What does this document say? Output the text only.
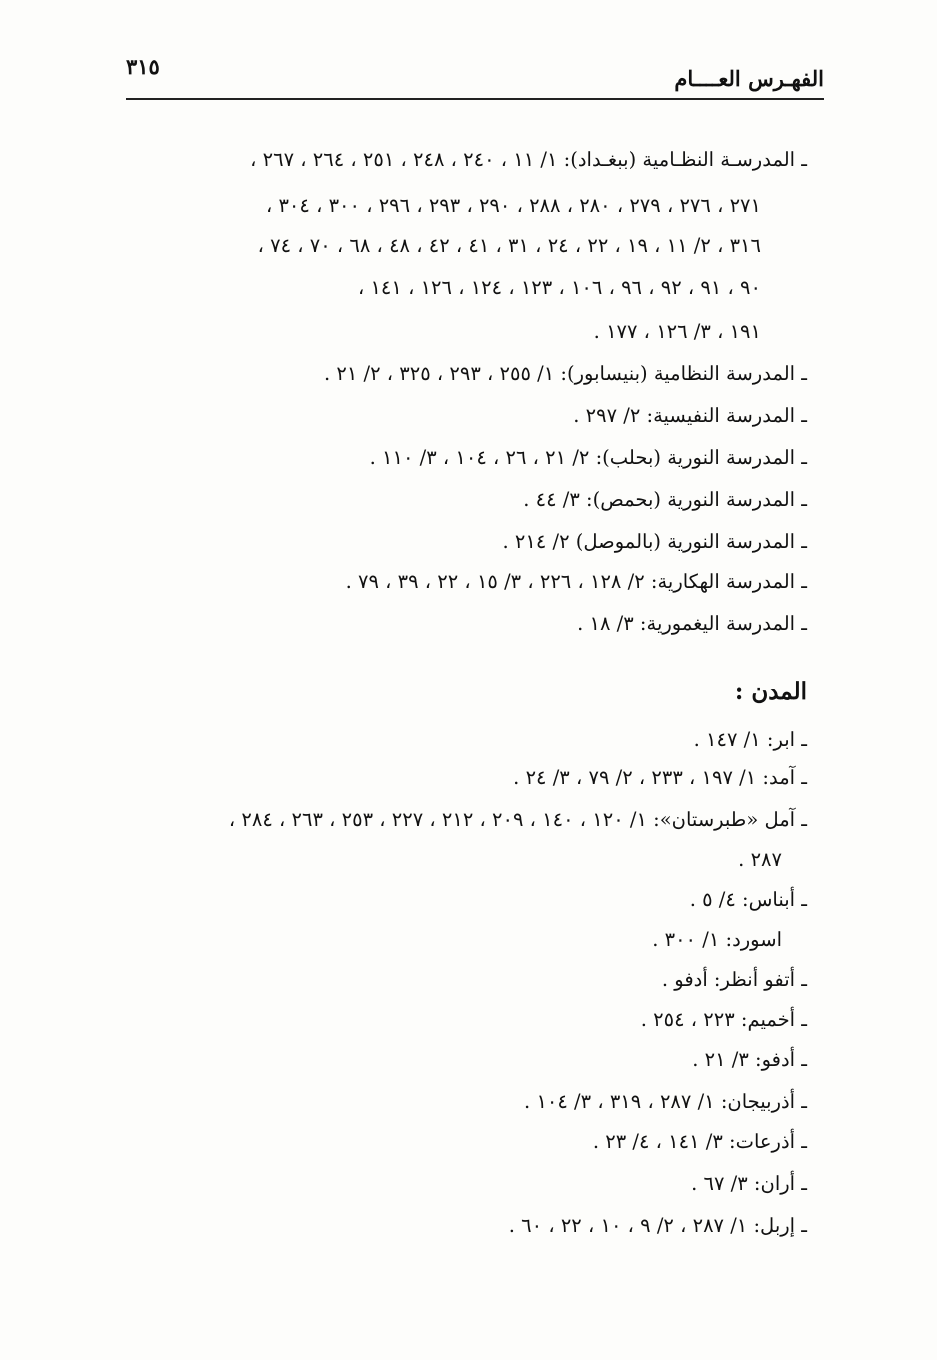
الفهـرس العــــام
٣١٥
ـ المدرسـة النظـامية (ببغـداد): ١/ ١١ ، ٢٤٠ ، ٢٤٨ ، ٢٥١ ، ٢٦٤ ، ٢٦٧ ،
٢٧١ ، ٢٧٦ ، ٢٧٩ ، ٢٨٠ ، ٢٨٨ ، ٢٩٠ ، ٢٩٣ ، ٢٩٦ ، ٣٠٠ ، ٣٠٤ ،
٣١٦ ، ٢/ ١١ ، ١٩ ، ٢٢ ، ٢٤ ، ٣١ ، ٤١ ، ٤٢ ، ٤٨ ، ٦٨ ، ٧٠ ، ٧٤ ،
٩٠ ، ٩١ ، ٩٢ ، ٩٦ ، ١٠٦ ، ١٢٣ ، ١٢٤ ، ١٢٦ ، ١٤١ ،
١٩١ ، ٣/ ١٢٦ ، ١٧٧ .
ـ المدرسة النظامية (بنيسابور): ١/ ٢٥٥ ، ٢٩٣ ، ٣٢٥ ، ٢/ ٢١ .
ـ المدرسة النفيسية: ٢/ ٢٩٧ .
ـ المدرسة النورية (بحلب): ٢/ ٢١ ، ٢٦ ، ١٠٤ ، ٣/ ١١٠ .
ـ المدرسة النورية (بحمص): ٣/ ٤٤ .
ـ المدرسة النورية (بالموصل) ٢/ ٢١٤ .
ـ المدرسة الهكارية: ٢/ ١٢٨ ، ٢٢٦ ، ٣/ ١٥ ، ٢٢ ، ٣٩ ، ٧٩ .
ـ المدرسة اليغمورية: ٣/ ١٨ .
المدن :
ـ ابر: ١/ ١٤٧ .
ـ آمد: ١/ ١٩٧ ، ٢٣٣ ، ٢/ ٧٩ ، ٣/ ٢٤ .
ـ آمل «طبرستان»: ١/ ١٢٠ ، ١٤٠ ، ٢٠٩ ، ٢١٢ ، ٢٢٧ ، ٢٥٣ ، ٢٦٣ ، ٢٨٤ ،
٢٨٧ .
ـ أبناس: ٤/ ٥ .
اسورد: ١/ ٣٠٠ .
ـ أتفو أنظر: أدفو .
ـ أخميم: ٢٢٣ ، ٢٥٤ .
ـ أدفو: ٣/ ٢١ .
ـ أذربيجان: ١/ ٢٨٧ ، ٣١٩ ، ٣/ ١٠٤ .
ـ أذرعات: ٣/ ١٤١ ، ٤/ ٢٣ .
ـ أران: ٣/ ٦٧ .
ـ إربل: ١/ ٢٨٧ ، ٢/ ٩ ، ١٠ ، ٢٢ ، ٦٠ .
